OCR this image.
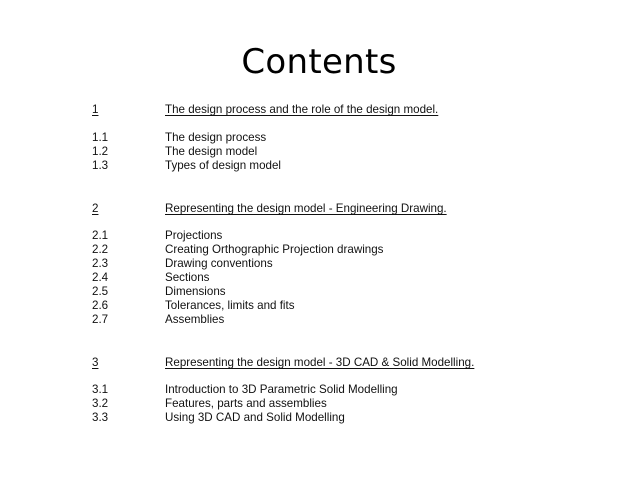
Contents
1	The design process and the role of the design model.
1.1	The design process
1.2	The design model
1.3	Types of design model
2	Representing the design model - Engineering Drawing.
2.1	Projections
2.2	Creating Orthographic Projection drawings
2.3	Drawing conventions
2.4	Sections
2.5	Dimensions
2.6	Tolerances, limits and fits
2.7	Assemblies
3	Representing the design model - 3D CAD & Solid Modelling.
3.1	Introduction to 3D Parametric Solid Modelling
3.2	Features, parts and assemblies
3.3	Using 3D CAD and Solid Modelling
